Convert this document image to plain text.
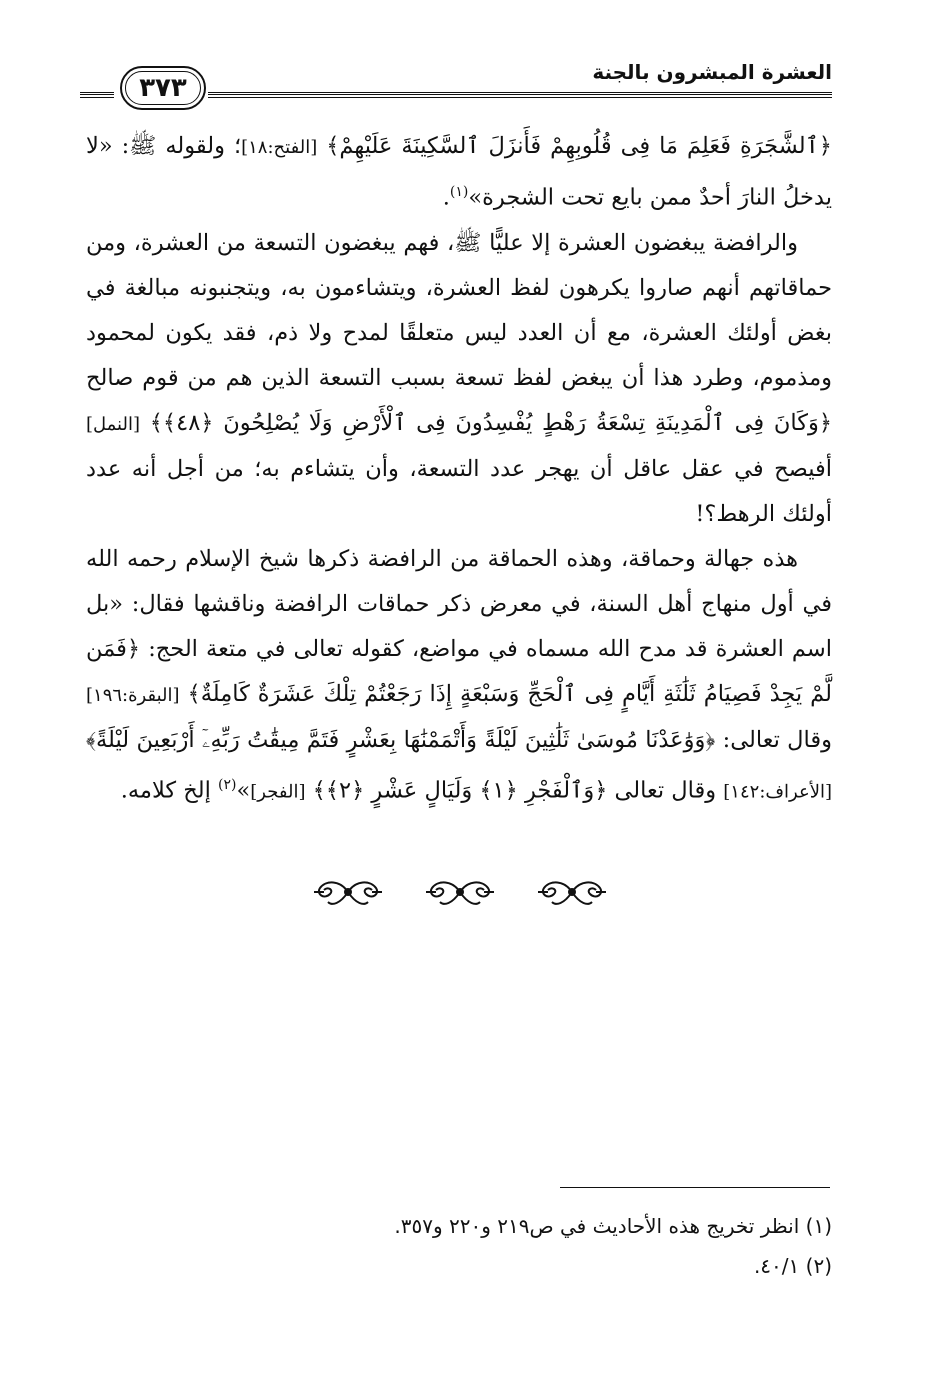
العشرة المبشرون بالجنة
٣٧٣

﴿ٱلشَّجَرَةِ فَعَلِمَ مَا فِى قُلُوبِهِمْ فَأَنزَلَ ٱلسَّكِينَةَ عَلَيْهِمْ﴾ [الفتح:١٨]؛ ولقوله ﷺ: «لا يدخلُ النارَ أحدٌ ممن بايع تحت الشجرة»$^{(١)}$.

والرافضة يبغضون العشرة إلا عليًّا ﷺ، فهم يبغضون التسعة من العشرة، ومن حماقاتهم أنهم صاروا يكرهون لفظ العشرة، ويتشاءمون به، ويتجنبونه مبالغة في بغض أولئك العشرة، مع أن العدد ليس متعلقًا لمدح ولا ذم، فقد يكون لمحمود ومذموم، وطرد هذا أن يبغض لفظ تسعة بسبب التسعة الذين هم من قوم صالح ﴿وَكَانَ فِى ٱلْمَدِينَةِ تِسْعَةُ رَهْطٍ يُفْسِدُونَ فِى ٱلْأَرْضِ وَلَا يُصْلِحُونَ ﴿٤٨﴾﴾ [النمل] أفيصح في عقل عاقل أن يهجر عدد التسعة، وأن يتشاءم به؛ من أجل أنه عدد أولئك الرهط؟!

هذه جهالة وحماقة، وهذه الحماقة من الرافضة ذكرها شيخ الإسلام رحمه الله في أول منهاج أهل السنة، في معرض ذكر حماقات الرافضة وناقشها فقال: «بل اسم العشرة قد مدح الله مسماه في مواضع، كقوله تعالى في متعة الحج: ﴿فَمَن لَّمْ يَجِدْ فَصِيَامُ ثَلَٰثَةِ أَيَّامٍ فِى ٱلْحَجِّ وَسَبْعَةٍ إِذَا رَجَعْتُمْ تِلْكَ عَشَرَةٌ كَامِلَةٌ﴾ [البقرة:١٩٦] وقال تعالى: ﴿وَوَٰعَدْنَا مُوسَىٰ ثَلَٰثِينَ لَيْلَةً وَأَتْمَمْنَٰهَا بِعَشْرٍ فَتَمَّ مِيقَٰتُ رَبِّهِۦٓ أَرْبَعِينَ لَيْلَةً﴾ [الأعراف:١٤٢] وقال تعالى ﴿وَٱلْفَجْرِ ﴿١﴾ وَلَيَالٍ عَشْرٍ ﴿٢﴾﴾ [الفجر]»$^{(٢)}$ إلخ كلامه.

(١) انظر تخريج هذه الأحاديث في ص٢١٩ و٢٢٠ و٣٥٧.
(٢) ٤٠/١.
